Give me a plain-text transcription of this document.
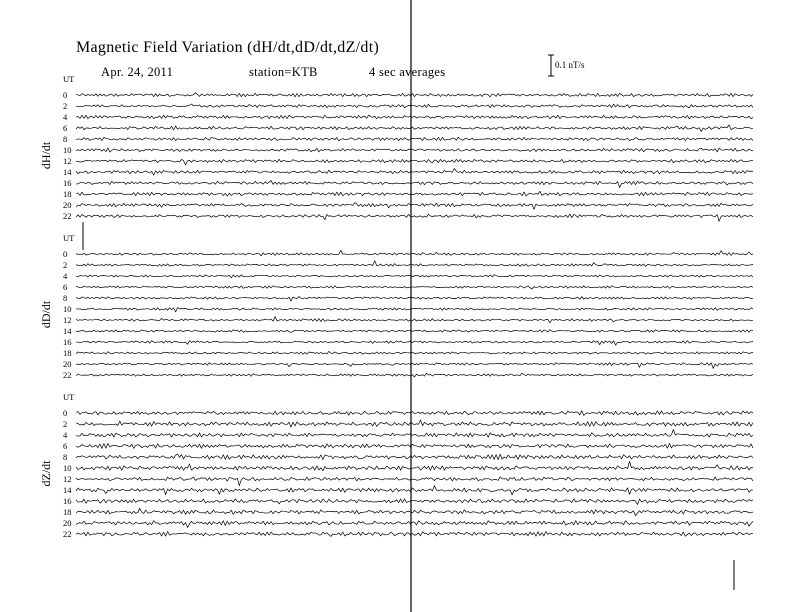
Magnetic Field Variation (dH/dt,dD/dt,dZ/dt)
Apr. 24, 2011	station=KTB	4 sec averages	0.1 nT/s
UT
dH/dt
0
2
4
6
8
10
12
14
16
18
20
22
UT
dD/dt
0
2
4
6
8
10
12
14
16
18
20
22
UT
dZ/dt
0
2
4
6
8
10
12
14
16
18
20
22
